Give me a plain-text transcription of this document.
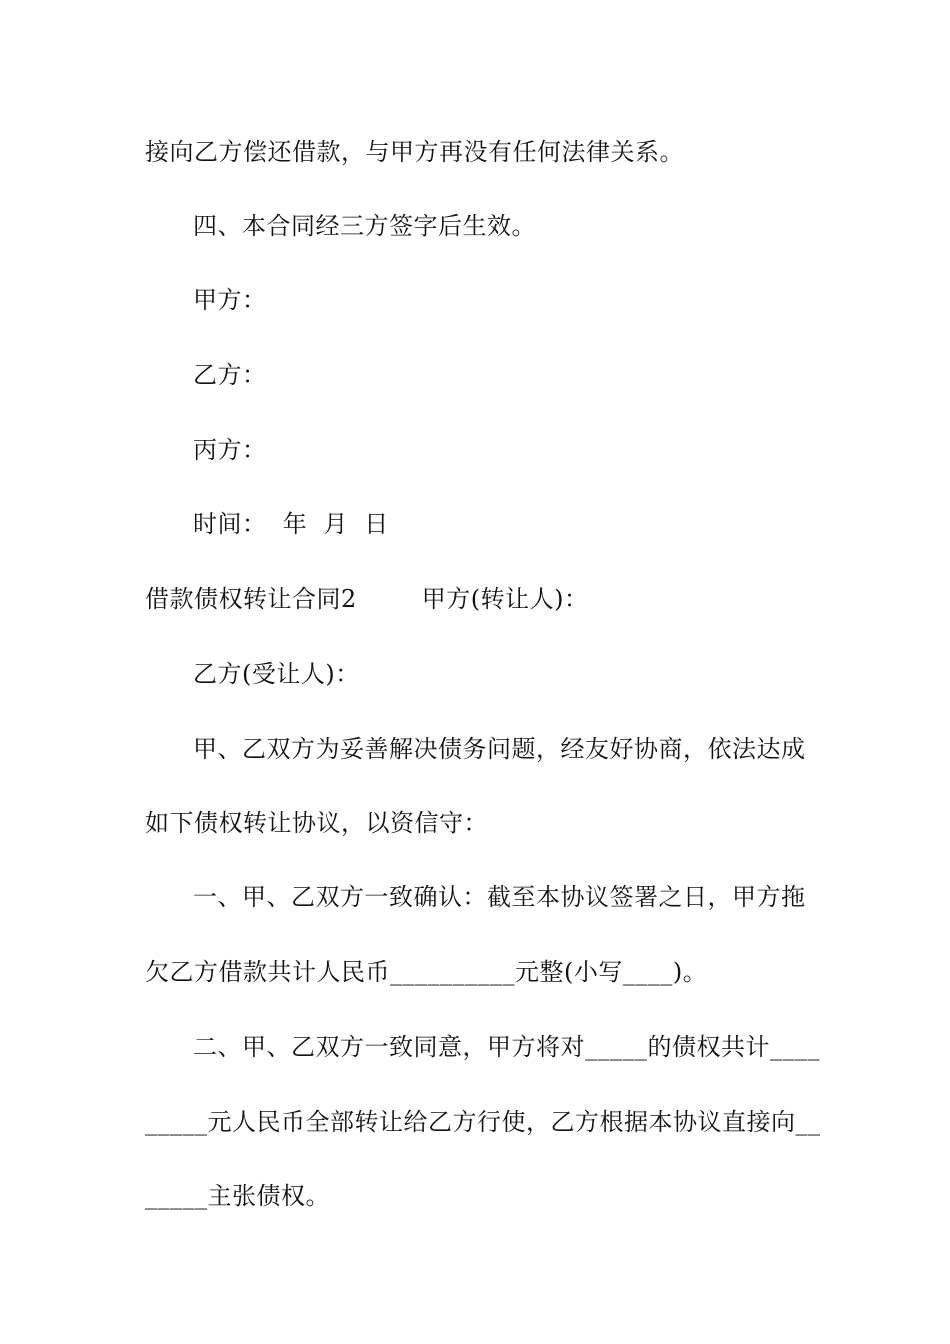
接向乙方偿还借款，与甲方再没有任何法律关系。
四、本合同经三方签字后生效。
甲方：
乙方：
丙方：
时间：  年  月  日
借款债权转让合同2        甲方(转让人)：
乙方(受让人)：
甲、乙双方为妥善解决债务问题，经友好协商，依法达成
如下债权转让协议，以资信守：
一、甲、乙双方一致确认：截至本协议签署之日，甲方拖
欠乙方借款共计人民币__________元整(小写____)。
二、甲、乙双方一致同意，甲方将对_____的债权共计____
_____元人民币全部转让给乙方行使，乙方根据本协议直接向__
_____主张债权。
